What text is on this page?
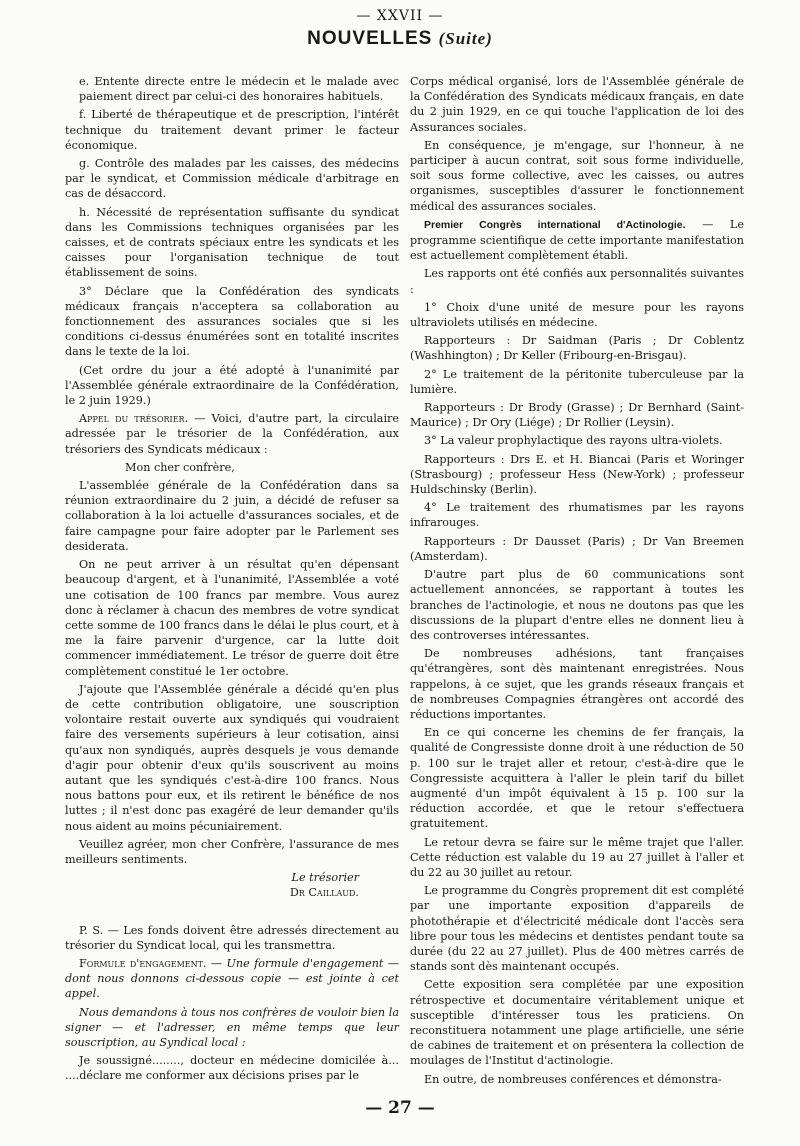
— XXVII —
NOUVELLES (Suite)

e. Entente directe entre le médecin et le malade avec paiement direct par celui-ci des honoraires habituels.

f. Liberté de thérapeutique et de prescription, l'intérêt technique du traitement devant primer le facteur économique.

g. Contrôle des malades par les caisses, des médecins par le syndicat, et Commission médicale d'arbitrage en cas de désaccord.

h. Nécessité de représentation suffisante du syndicat dans les Commissions techniques organisées par les caisses, et de contrats spéciaux entre les syndicats et les caisses pour l'organisation technique de tout établissement de soins.

3° Déclare que la Confédération des syndicats médicaux français n'acceptera sa collaboration au fonctionnement des assurances sociales que si les conditions ci-dessus énumérées sont en totalité inscrites dans le texte de la loi.

(Cet ordre du jour a été adopté à l'unanimité par l'Assemblée générale extraordinaire de la Confédération, le 2 juin 1929.)

Appel du trésorier. — Voici, d'autre part, la circulaire adressée par le trésorier de la Confédération, aux trésoriers des Syndicats médicaux :

Mon cher confrère,

L'assemblée générale de la Confédération dans sa réunion extraordinaire du 2 juin, a décidé de refuser sa collaboration à la loi actuelle d'assurances sociales, et de faire campagne pour faire adopter par le Parlement ses desiderata.

On ne peut arriver à un résultat qu'en dépensant beaucoup d'argent, et à l'unanimité, l'Assemblée a voté une cotisation de 100 francs par membre. Vous aurez donc à réclamer à chacun des membres de votre syndicat cette somme de 100 francs dans le délai le plus court, et à me la faire parvenir d'urgence, car la lutte doit commencer immédiatement. Le trésor de guerre doit être complètement constitué le 1er octobre.

J'ajoute que l'Assemblée générale a décidé qu'en plus de cette contribution obligatoire, une souscription volontaire restait ouverte aux syndiqués qui voudraient faire des versements supérieurs à leur cotisation, ainsi qu'aux non syndiqués, auprès desquels je vous demande d'agir pour obtenir d'eux qu'ils souscrivent au moins autant que les syndiqués c'est-à-dire 100 francs. Nous nous battons pour eux, et ils retirent le bénéfice de nos luttes ; il n'est donc pas exagéré de leur demander qu'ils nous aident au moins pécuniairement.

Veuillez agréer, mon cher Confrère, l'assurance de mes meilleurs sentiments.

Le trésorier

Dr Caillaud.

P. S. — Les fonds doivent être adressés directement au trésorier du Syndicat local, qui les transmettra.

Formule d'engagement. — Une formule d'engagement — dont nous donnons ci-dessous copie — est jointe à cet appel.

Nous demandons à tous nos confrères de vouloir bien la signer — et l'adresser, en même temps que leur souscription, au Syndical local :

Je soussigné........, docteur en médecine domicilée à... ....déclare me conformer aux décisions prises par le

Corps médical organisé, lors de l'Assemblée générale de la Confédération des Syndicats médicaux français, en date du 2 juin 1929, en ce qui touche l'application de loi des Assurances sociales.

En conséquence, je m'engage, sur l'honneur, à ne participer à aucun contrat, soit sous forme individuelle, soit sous forme collective, avec les caisses, ou autres organismes, susceptibles d'assurer le fonctionnement médical des assurances sociales.

Premier Congrès international d'Actinologie. — Le programme scientifique de cette importante manifestation est actuellement complètement établi.

Les rapports ont été confiés aux personnalités suivantes :

1° Choix d'une unité de mesure pour les rayons ultraviolets utilisés en médecine.

Rapporteurs : Dr Saidman (Paris ; Dr Coblentz (Washhington) ; Dr Keller (Fribourg-en-Brisgau).

2° Le traitement de la péritonite tuberculeuse par la lumière.

Rapporteurs : Dr Brody (Grasse) ; Dr Bernhard (Saint-Maurice) ; Dr Ory (Liége) ; Dr Rollier (Leysin).

3° La valeur prophylactique des rayons ultra-violets.

Rapporteurs : Drs E. et H. Biancai (Paris et Woringer (Strasbourg) ; professeur Hess (New-York) ; professeur Huldschinsky (Berlin).

4° Le traitement des rhumatismes par les rayons infrarouges.

Rapporteurs : Dr Dausset (Paris) ; Dr Van Breemen (Amsterdam).

D'autre part plus de 60 communications sont actuellement annoncées, se rapportant à toutes les branches de l'actinologie, et nous ne doutons pas que les discussions de la plupart d'entre elles ne donnent lieu à des controverses intéressantes.

De nombreuses adhésions, tant françaises qu'étrangères, sont dès maintenant enregistrées. Nous rappelons, à ce sujet, que les grands réseaux français et de nombreuses Compagnies étrangères ont accordé des réductions importantes.

En ce qui concerne les chemins de fer français, la qualité de Congressiste donne droit à une réduction de 50 p. 100 sur le trajet aller et retour, c'est-à-dire que le Congressiste acquittera à l'aller le plein tarif du billet augmenté d'un impôt équivalent à 15 p. 100 sur la réduction accordée, et que le retour s'effectuera gratuitement.

Le retour devra se faire sur le même trajet que l'aller. Cette réduction est valable du 19 au 27 juillet à l'aller et du 22 au 30 juillet au retour.

Le programme du Congrès proprement dit est complété par une importante exposition d'appareils de photothérapie et d'électricité médicale dont l'accès sera libre pour tous les médecins et dentistes pendant toute sa durée (du 22 au 27 juillet). Plus de 400 mètres carrés de stands sont dès maintenant occupés.

Cette exposition sera complétée par une exposition rétrospective et documentaire véritablement unique et susceptible d'intéresser tous les praticiens. On reconstituera notamment une plage artificielle, une série de cabines de traitement et on présentera la collection de moulages de l'Institut d'actinologie.

En outre, de nombreuses conférences et démonstra-

— 27 —
